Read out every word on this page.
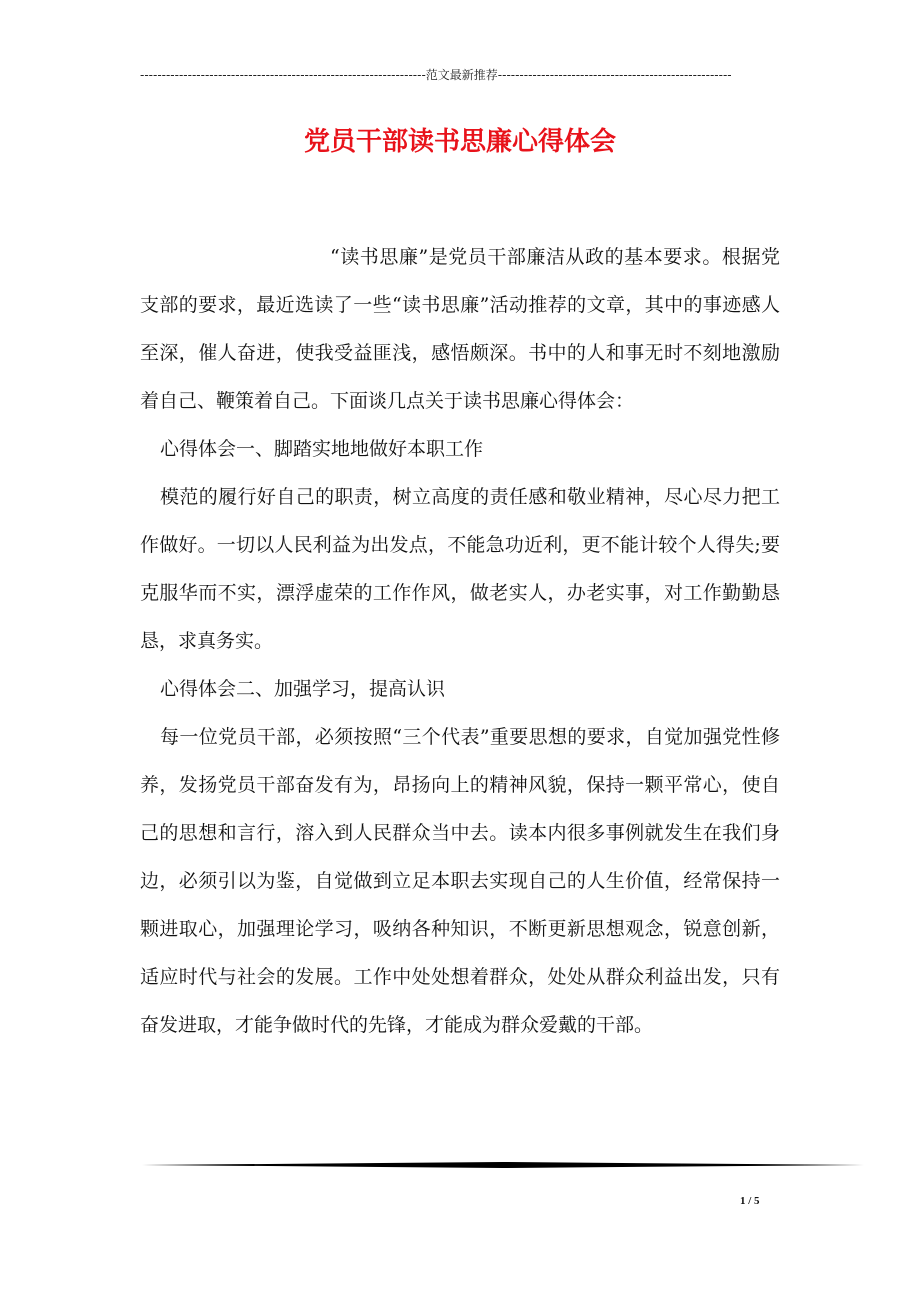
------------------------------------------------------------------范文最新推荐------------------------------------------------------
党员干部读书思廉心得体会

“读书思廉”是党员干部廉洁从政的基本要求。根据党支部的要求，最近选读了一些“读书思廉”活动推荐的文章，其中的事迹感人至深，催人奋进，使我受益匪浅，感悟颇深。书中的人和事无时不刻地激励着自己、鞭策着自己。下面谈几点关于读书思廉心得体会：

心得体会一、脚踏实地地做好本职工作

模范的履行好自己的职责，树立高度的责任感和敬业精神，尽心尽力把工作做好。一切以人民利益为出发点，不能急功近利，更不能计较个人得失;要克服华而不实，漂浮虚荣的工作作风，做老实人，办老实事，对工作勤勤恳恳，求真务实。

心得体会二、加强学习，提高认识

每一位党员干部，必须按照“三个代表”重要思想的要求，自觉加强党性修养，发扬党员干部奋发有为，昂扬向上的精神风貌，保持一颗平常心，使自己的思想和言行，溶入到人民群众当中去。读本内很多事例就发生在我们身边，必须引以为鉴，自觉做到立足本职去实现自己的人生价值，经常保持一颗进取心，加强理论学习，吸纳各种知识，不断更新思想观念，锐意创新，适应时代与社会的发展。工作中处处想着群众，处处从群众利益出发，只有奋发进取，才能争做时代的先锋，才能成为群众爱戴的干部。

1 / 5
